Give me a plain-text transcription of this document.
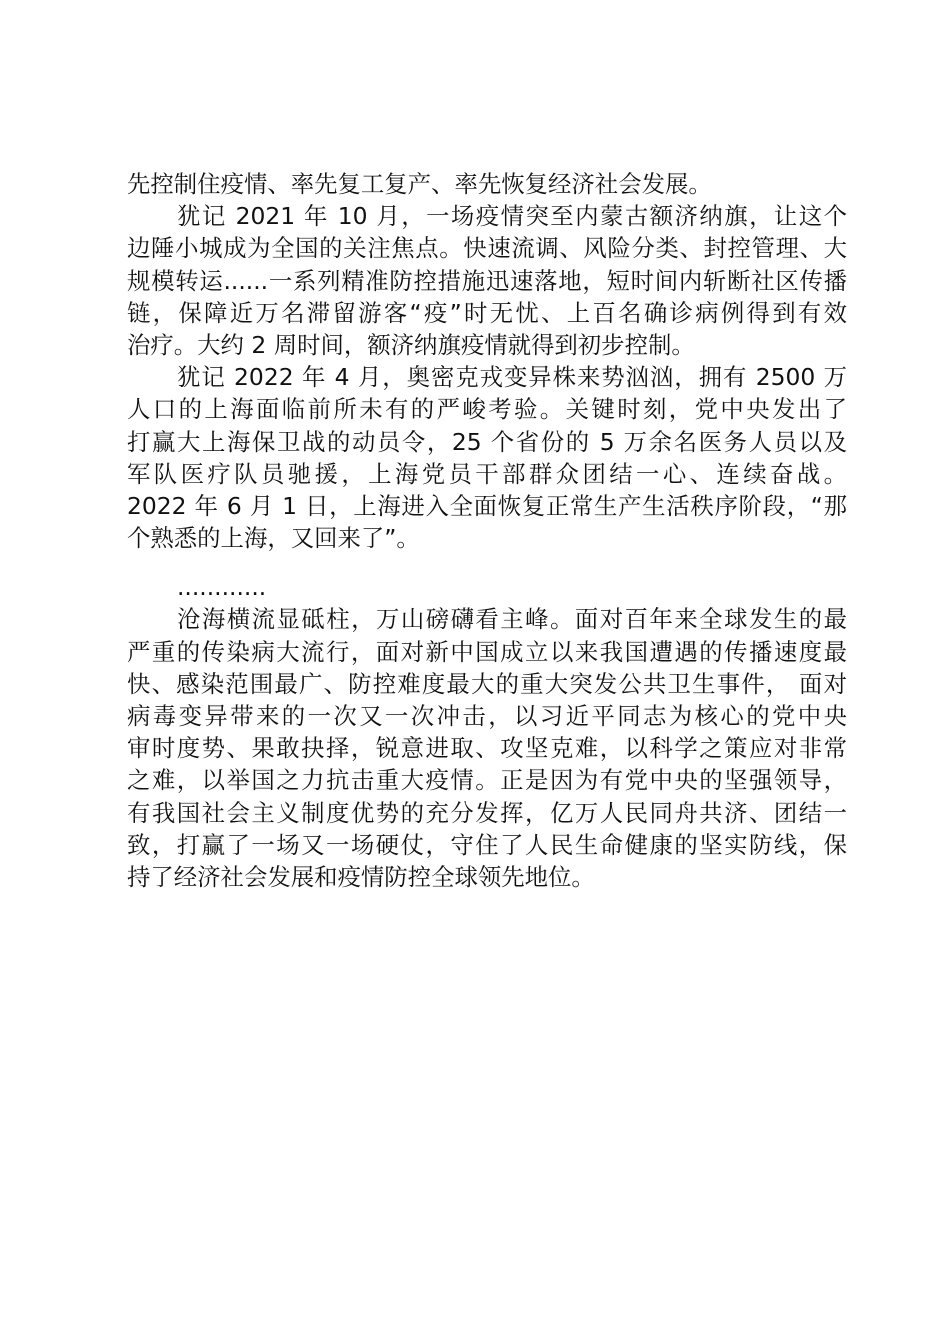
先控制住疫情、率先复工复产、率先恢复经济社会发展。
犹记 2021 年 10 月，一场疫情突至内蒙古额济纳旗，让这个
边陲小城成为全国的关注焦点。快速流调、风险分类、封控管理、大
规模转运......一系列精准防控措施迅速落地，短时间内斩断社区传播
链，保障近万名滞留游客“疫”时无忧、上百名确诊病例得到有效
治疗。大约 2 周时间，额济纳旗疫情就得到初步控制。
犹记 2022 年 4 月，奥密克戎变异株来势汹汹，拥有 2500 万
人口的上海面临前所未有的严峻考验。关键时刻，党中央发出了
打赢大上海保卫战的动员令，25 个省份的 5 万余名医务人员以及
军队医疗队员驰援，上海党员干部群众团结一心、连续奋战。
2022 年 6 月 1 日，上海进入全面恢复正常生产生活秩序阶段，“那
个熟悉的上海，又回来了”。
............
沧海横流显砥柱，万山磅礴看主峰。面对百年来全球发生的最
严重的传染病大流行，面对新中国成立以来我国遭遇的传播速度最
快、感染范围最广、防控难度最大的重大突发公共卫生事件， 面对
病毒变异带来的一次又一次冲击，以习近平同志为核心的党中央
审时度势、果敢抉择，锐意进取、攻坚克难，以科学之策应对非常
之难，以举国之力抗击重大疫情。正是因为有党中央的坚强领导，
有我国社会主义制度优势的充分发挥，亿万人民同舟共济、团结一
致，打赢了一场又一场硬仗，守住了人民生命健康的坚实防线，保
持了经济社会发展和疫情防控全球领先地位。
